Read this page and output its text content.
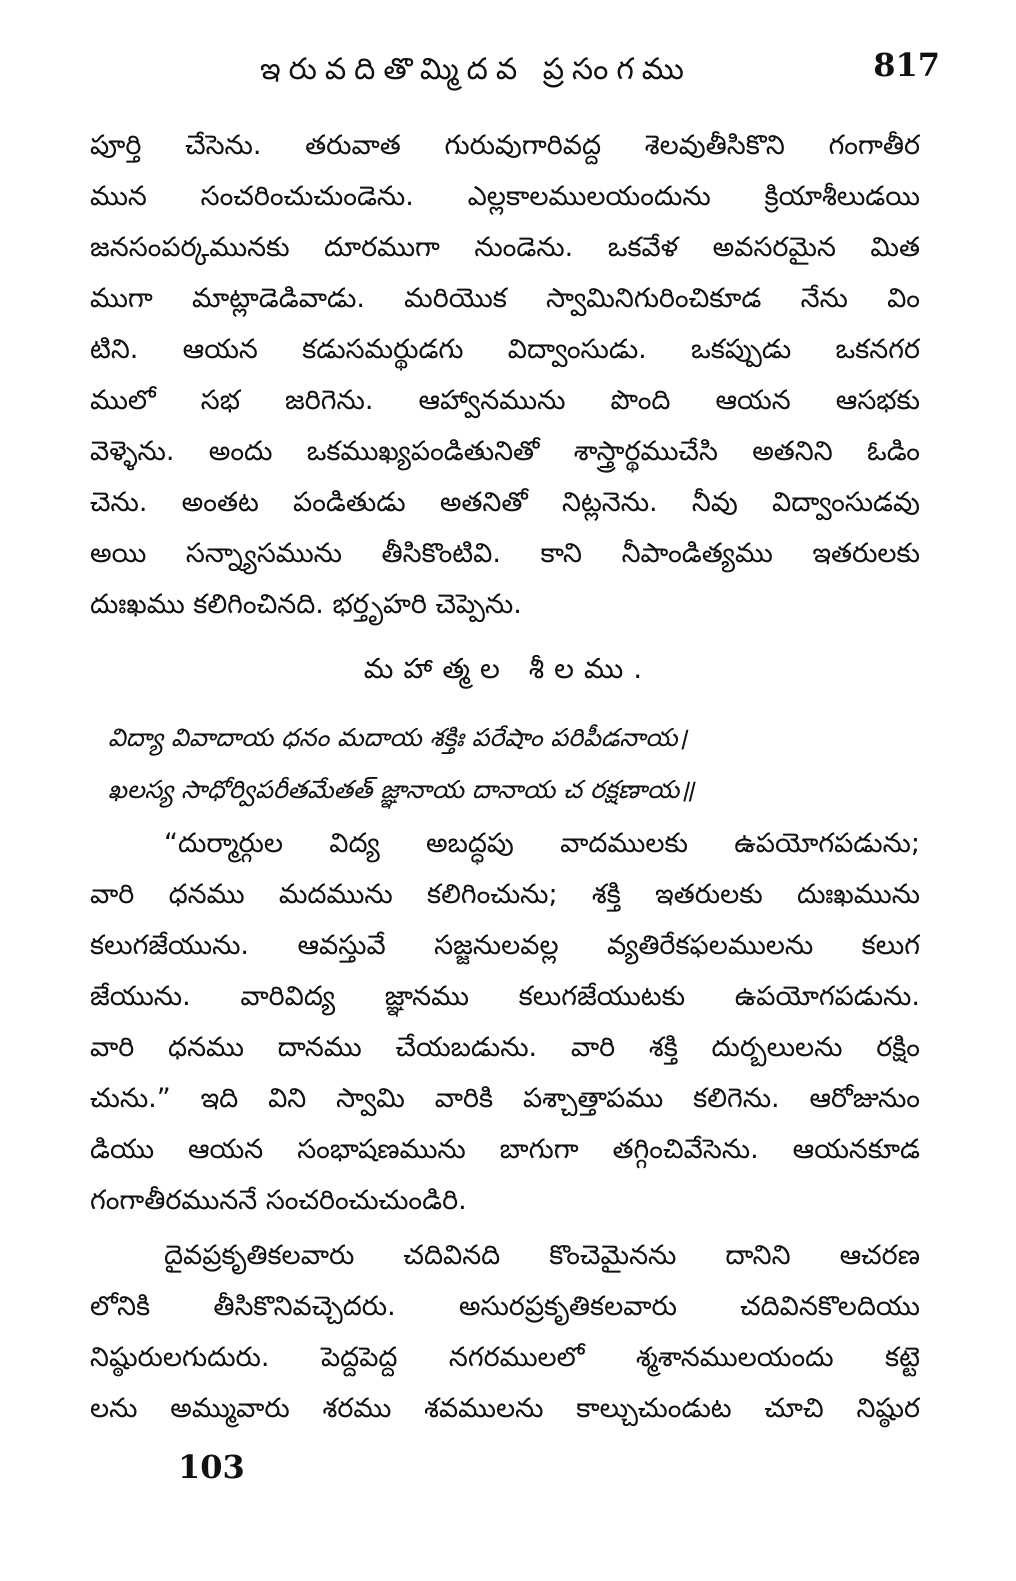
ఇరువదితొమ్మిదవ ప్రసంగము	817
పూర్తి చేసెను. తరువాత గురువుగారివద్ద శెలవుతీసికొని గంగాతీర
మున సంచరించుచుండెను. ఎల్లకాలములయందును క్రియాశీలుడయి
జనసంపర్కమునకు దూరముగా నుండెను. ఒకవేళ అవసరమైన మిత
ముగా మాట్లాడెడివాడు. మరియొక స్వామినిగురించికూడ నేను విం
టిని. ఆయన కడుసమర్థుడగు విద్వాంసుడు. ఒకప్పుడు ఒకనగర
ములో సభ జరిగెను. ఆహ్వానమును పొంది ఆయన ఆసభకు
వెళ్ళెను. అందు ఒకముఖ్యపండితునితో శాస్త్రార్థముచేసి అతనిని ఓడిం
చెను. అంతట పండితుడు అతనితో నిట్లనెను. నీవు విద్వాంసుడవు
అయి సన్న్యాసమును తీసికొంటివి. కాని నీపాండిత్యము ఇతరులకు
దుఃఖము కలిగించినది. భర్తృహరి చెప్పెను.
మహాత్మల శీలము.
విద్యా వివాదాయ ధనం మదాయ శక్తిః పరేషాం పరిపీడనాయ।
ఖలస్య సాధోర్విపరీతమేతత్ జ్ఞానాయ దానాయ చ రక్షణాయ॥
“దుర్మార్గుల విద్య అబద్ధపు వాదములకు ఉపయోగపడును;
వారి ధనము మదమును కలిగించును; శక్తి ఇతరులకు దుఃఖమును
కలుగజేయును. ఆవస్తువే సజ్జనులవల్ల వ్యతిరేకఫలములను కలుగ
జేయును. వారివిద్య జ్ఞానము కలుగజేయుటకు ఉపయోగపడును.
వారి ధనము దానము చేయబడును. వారి శక్తి దుర్బలులను రక్షిం
చును.” ఇది విని స్వామి వారికి పశ్చాత్తాపము కలిగెను. ఆరోజునుం
డియు ఆయన సంభాషణమును బాగుగా తగ్గించివేసెను. ఆయనకూడ
గంగాతీరముననే సంచరించుచుండిరి.
దైవప్రకృతికలవారు చదివినది కొంచెమైనను దానిని ఆచరణ
లోనికి తీసికొనివచ్చెదరు. అసురప్రకృతికలవారు చదివినకొలదియు
నిష్ఠురులగుదురు. పెద్దపెద్ద నగరములలో శ్మశానములయందు కట్టె
లను అమ్మువారు శరము శవములను కాల్చుచుండుట చూచి నిష్ఠుర
103
